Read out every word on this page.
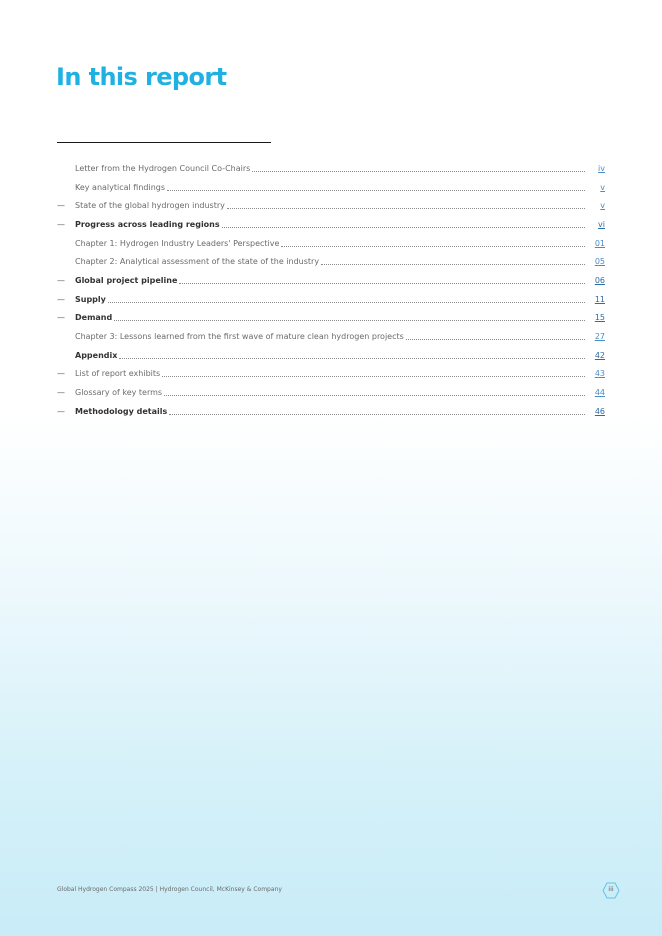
In this report
Letter from the Hydrogen Council Co-Chairs	iv
Key analytical findings	v
—	State of the global hydrogen industry	v
—	Progress across leading regions	vi
Chapter 1: Hydrogen Industry Leaders' Perspective	01
Chapter 2: Analytical assessment of the state of the industry	05
—	Global project pipeline	06
—	Supply	11
—	Demand	15
Chapter 3: Lessons learned from the first wave of mature clean hydrogen projects	27
Appendix	42
—	List of report exhibits	43
—	Glossary of key terms	44
—	Methodology details	46
Global Hydrogen Compass 2025 | Hydrogen Council, McKinsey & Company	iii
